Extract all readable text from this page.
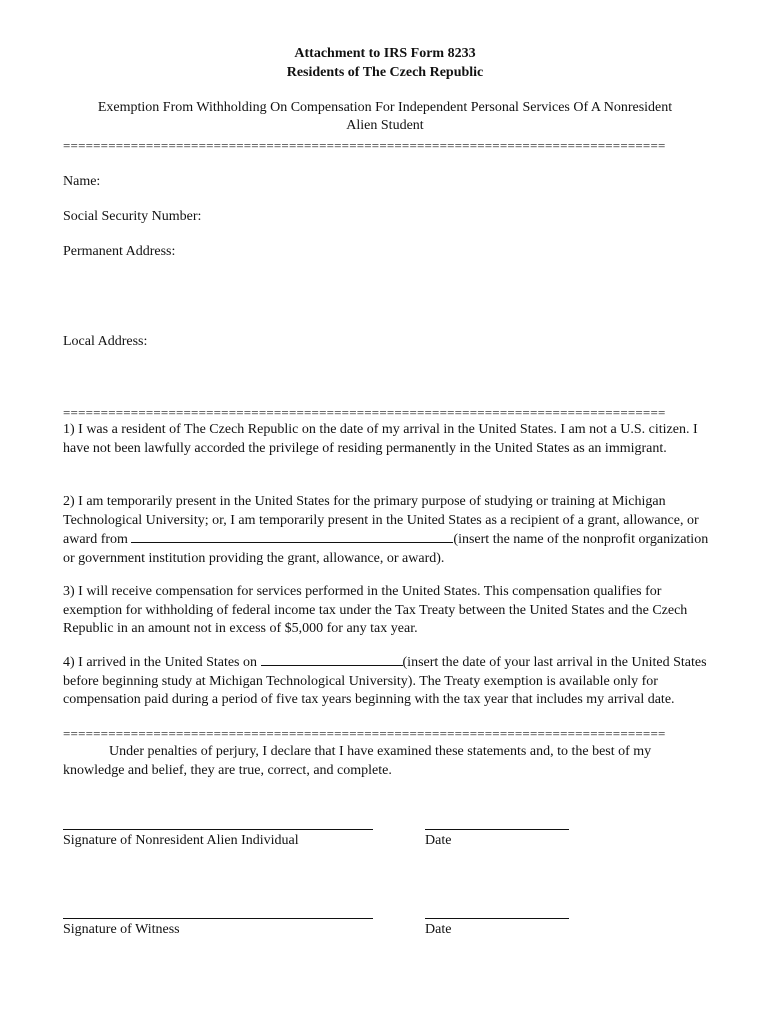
Attachment to IRS Form 8233
Residents of The Czech Republic
Exemption From Withholding On Compensation For Independent Personal Services Of A Nonresident
Alien Student
================================================================================
Name:
Social Security Number:
Permanent Address:
Local Address:
================================================================================
1) I was a resident of The Czech Republic on the date of my arrival in the United States. I am not a U.S. citizen. I have not been lawfully accorded the privilege of residing permanently in the United States as an immigrant.
2) I am temporarily present in the United States for the primary purpose of studying or training at Michigan Technological University; or, I am temporarily present in the United States as a recipient of a grant, allowance, or award from	(insert the name of the nonprofit organization or government institution providing the grant, allowance, or award).
3) I will receive compensation for services performed in the United States. This compensation qualifies for exemption for withholding of federal income tax under the Tax Treaty between the United States and the Czech Republic in an amount not in excess of $5,000 for any tax year.
4) I arrived in the United States on	(insert the date of your last arrival in the United States before beginning study at Michigan Technological University). The Treaty exemption is available only for compensation paid during a period of five tax years beginning with the tax year that includes my arrival date.
================================================================================
Under penalties of perjury, I declare that I have examined these statements and, to the best of my knowledge and belief, they are true, correct, and complete.
Signature of Nonresident Alien Individual	Date
Signature of Witness	Date
